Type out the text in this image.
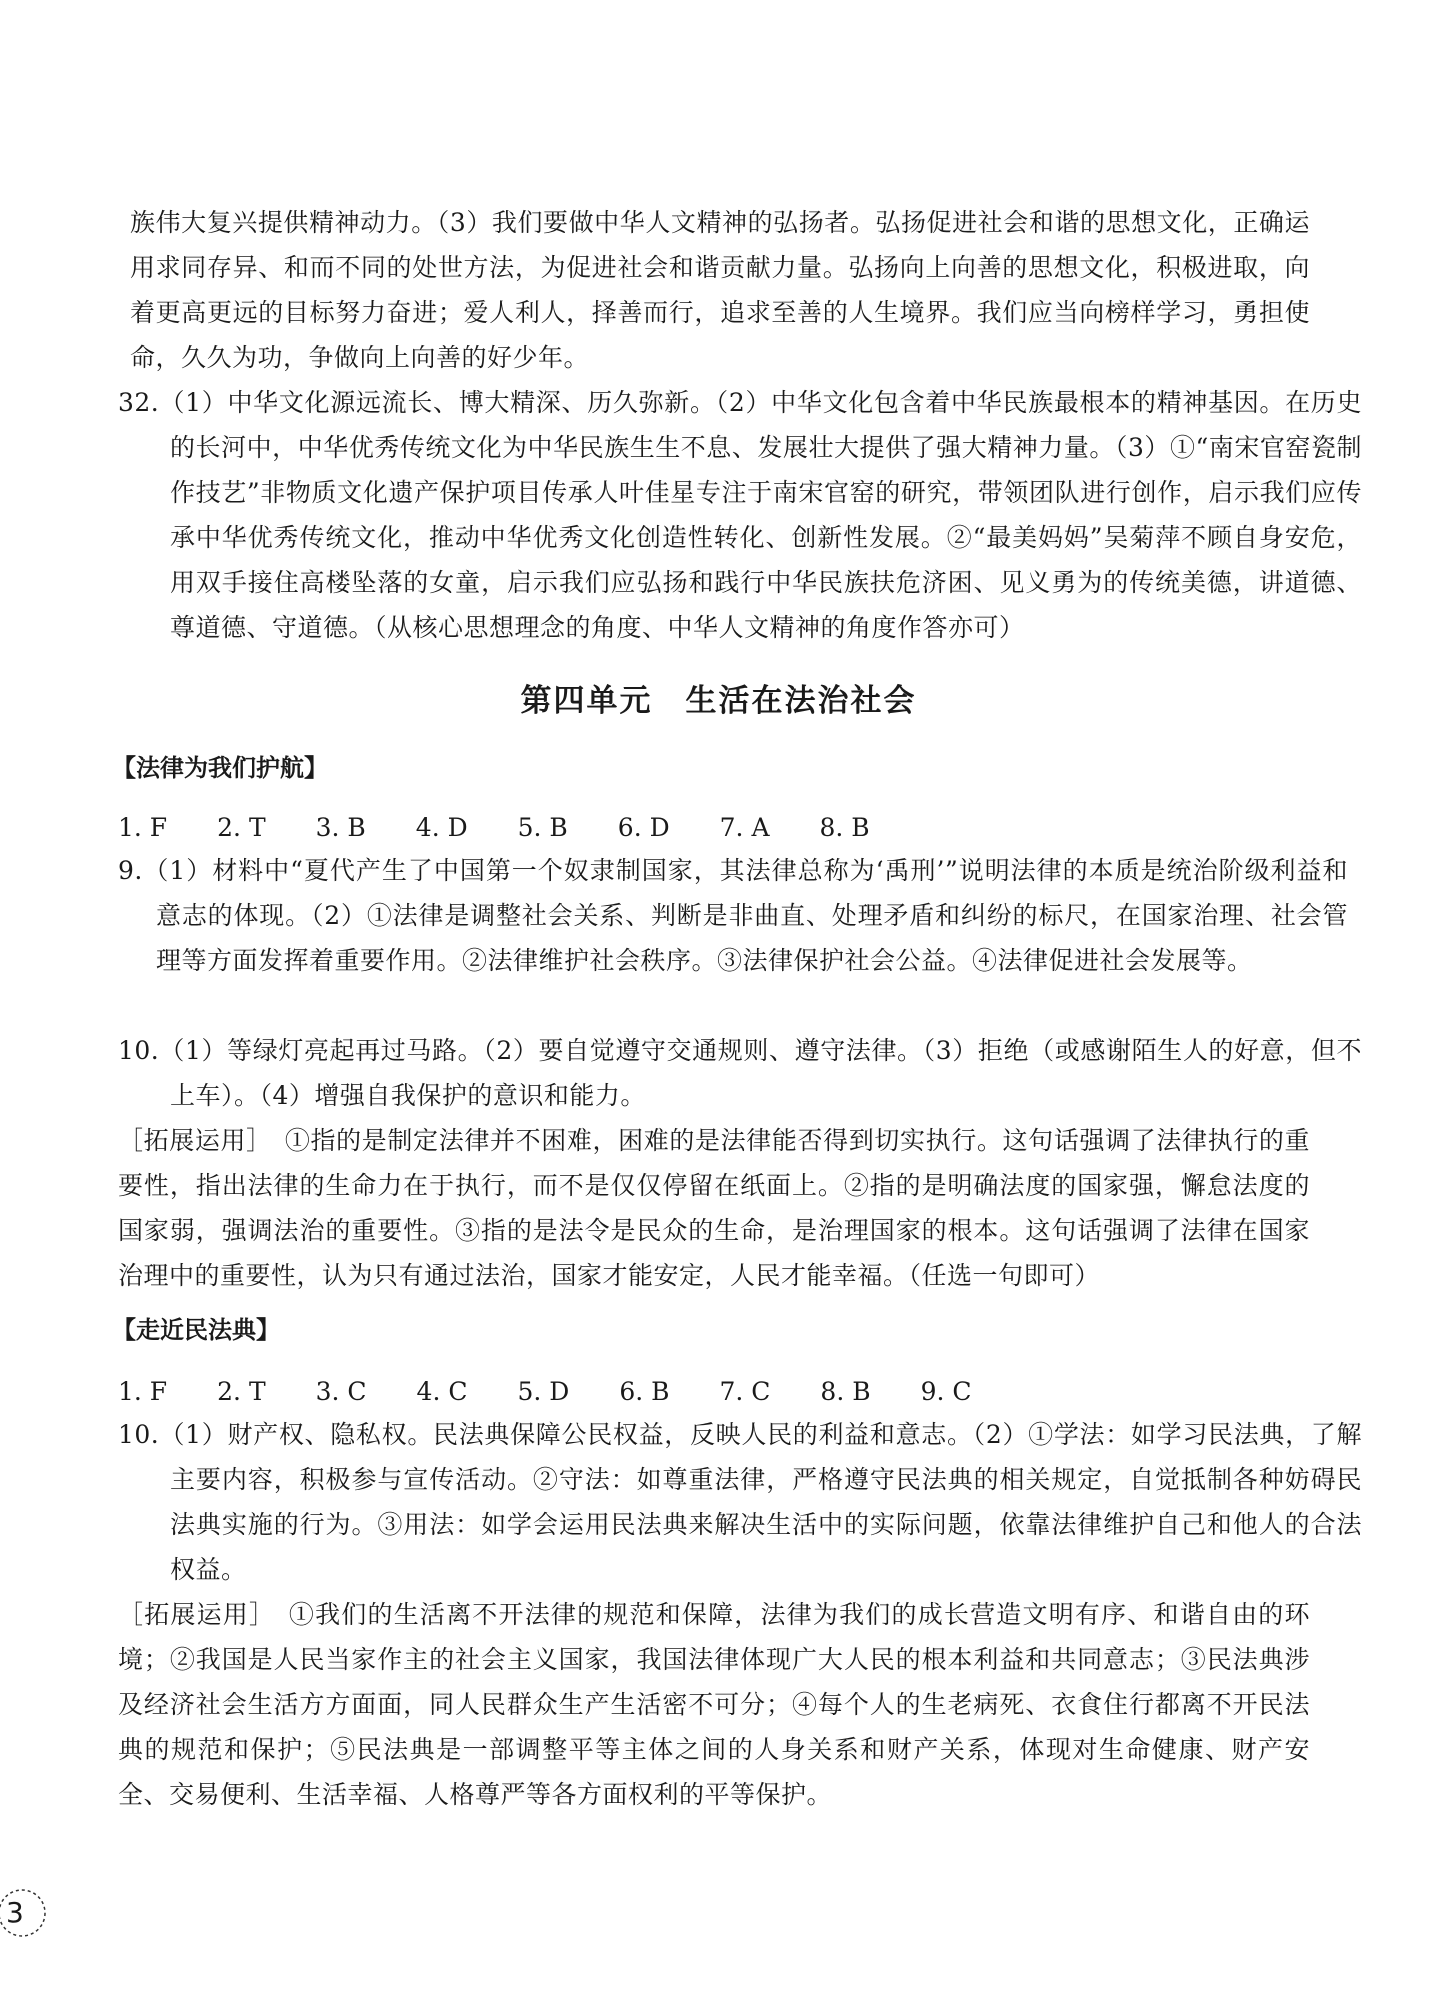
族伟大复兴提供精神动力。（3）我们要做中华人文精神的弘扬者。弘扬促进社会和谐的思想文化，正确运用求同存异、和而不同的处世方法，为促进社会和谐贡献力量。弘扬向上向善的思想文化，积极进取，向着更高更远的目标努力奋进；爱人利人，择善而行，追求至善的人生境界。我们应当向榜样学习，勇担使命，久久为功，争做向上向善的好少年。
32.（1）中华文化源远流长、博大精深、历久弥新。（2）中华文化包含着中华民族最根本的精神基因。在历史的长河中，中华优秀传统文化为中华民族生生不息、发展壮大提供了强大精神力量。（3）①“南宋官窑瓷制作技艺”非物质文化遗产保护项目传承人叶佳星专注于南宋官窑的研究，带领团队进行创作，启示我们应传承中华优秀传统文化，推动中华优秀文化创造性转化、创新性发展。②“最美妈妈”吴菊萍不顾自身安危，用双手接住高楼坠落的女童，启示我们应弘扬和践行中华民族扶危济困、见义勇为的传统美德，讲道德、尊道德、守道德。（从核心思想理念的角度、中华人文精神的角度作答亦可）
第四单元　生活在法治社会
【法律为我们护航】
1. F　　2. T　　3. B　　4. D　　5. B　　6. D　　7. A　　8. B
9.（1）材料中“夏代产生了中国第一个奴隶制国家，其法律总称为‘禹刑’”说明法律的本质是统治阶级利益和意志的体现。（2）①法律是调整社会关系、判断是非曲直、处理矛盾和纠纷的标尺，在国家治理、社会管理等方面发挥着重要作用。②法律维护社会秩序。③法律保护社会公益。④法律促进社会发展等。
10.（1）等绿灯亮起再过马路。（2）要自觉遵守交通规则、遵守法律。（3）拒绝（或感谢陌生人的好意，但不上车）。（4）增强自我保护的意识和能力。
［拓展运用］　①指的是制定法律并不困难，困难的是法律能否得到切实执行。这句话强调了法律执行的重要性，指出法律的生命力在于执行，而不是仅仅停留在纸面上。②指的是明确法度的国家强，懈怠法度的国家弱，强调法治的重要性。③指的是法令是民众的生命，是治理国家的根本。这句话强调了法律在国家治理中的重要性，认为只有通过法治，国家才能安定，人民才能幸福。（任选一句即可）
【走近民法典】
1. F　　2. T　　3. C　　4. C　　5. D　　6. B　　7. C　　8. B　　9. C
10.（1）财产权、隐私权。民法典保障公民权益，反映人民的利益和意志。（2）①学法：如学习民法典，了解主要内容，积极参与宣传活动。②守法：如尊重法律，严格遵守民法典的相关规定，自觉抵制各种妨碍民法典实施的行为。③用法：如学会运用民法典来解决生活中的实际问题，依靠法律维护自己和他人的合法权益。
［拓展运用］　①我们的生活离不开法律的规范和保障，法律为我们的成长营造文明有序、和谐自由的环境；②我国是人民当家作主的社会主义国家，我国法律体现广大人民的根本利益和共同意志；③民法典涉及经济社会生活方方面面，同人民群众生产生活密不可分；④每个人的生老病死、衣食住行都离不开民法典的规范和保护；⑤民法典是一部调整平等主体之间的人身关系和财产关系，体现对生命健康、财产安全、交易便利、生活幸福、人格尊严等各方面权利的平等保护。
3
